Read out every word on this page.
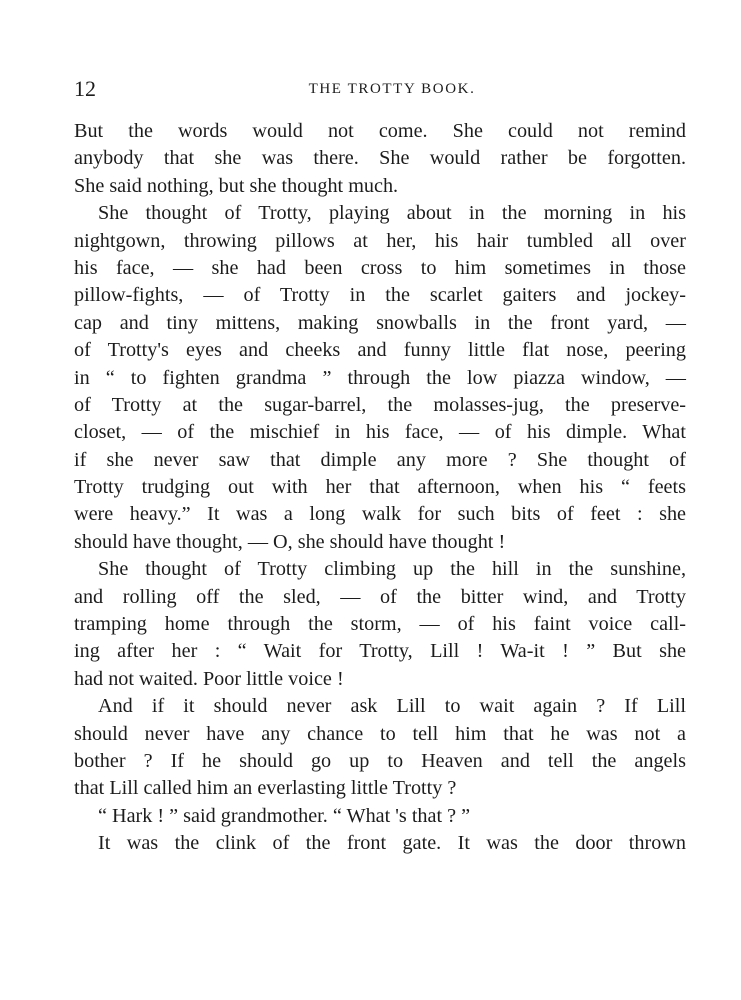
12	THE TROTTY BOOK.
But the words would not come. She could not remind
anybody that she was there. She would rather be forgotten.
She said nothing, but she thought much.
She thought of Trotty, playing about in the morning in his
nightgown, throwing pillows at her, his hair tumbled all over
his face, — she had been cross to him sometimes in those
pillow-fights, — of Trotty in the scarlet gaiters and jockey-
cap and tiny mittens, making snowballs in the front yard, —
of Trotty's eyes and cheeks and funny little flat nose, peering
in “ to fighten grandma ” through the low piazza window, —
of Trotty at the sugar-barrel, the molasses-jug, the preserve-
closet, — of the mischief in his face, — of his dimple. What
if she never saw that dimple any more ? She thought of
Trotty trudging out with her that afternoon, when his “ feets
were heavy.” It was a long walk for such bits of feet : she
should have thought, — O, she should have thought !
She thought of Trotty climbing up the hill in the sunshine,
and rolling off the sled, — of the bitter wind, and Trotty
tramping home through the storm, — of his faint voice call-
ing after her : “ Wait for Trotty, Lill ! Wa-it ! ” But she
had not waited. Poor little voice !
And if it should never ask Lill to wait again ? If Lill
should never have any chance to tell him that he was not a
bother ? If he should go up to Heaven and tell the angels
that Lill called him an everlasting little Trotty ?
“ Hark ! ” said grandmother. “ What 's that ? ”
It was the clink of the front gate. It was the door thrown
